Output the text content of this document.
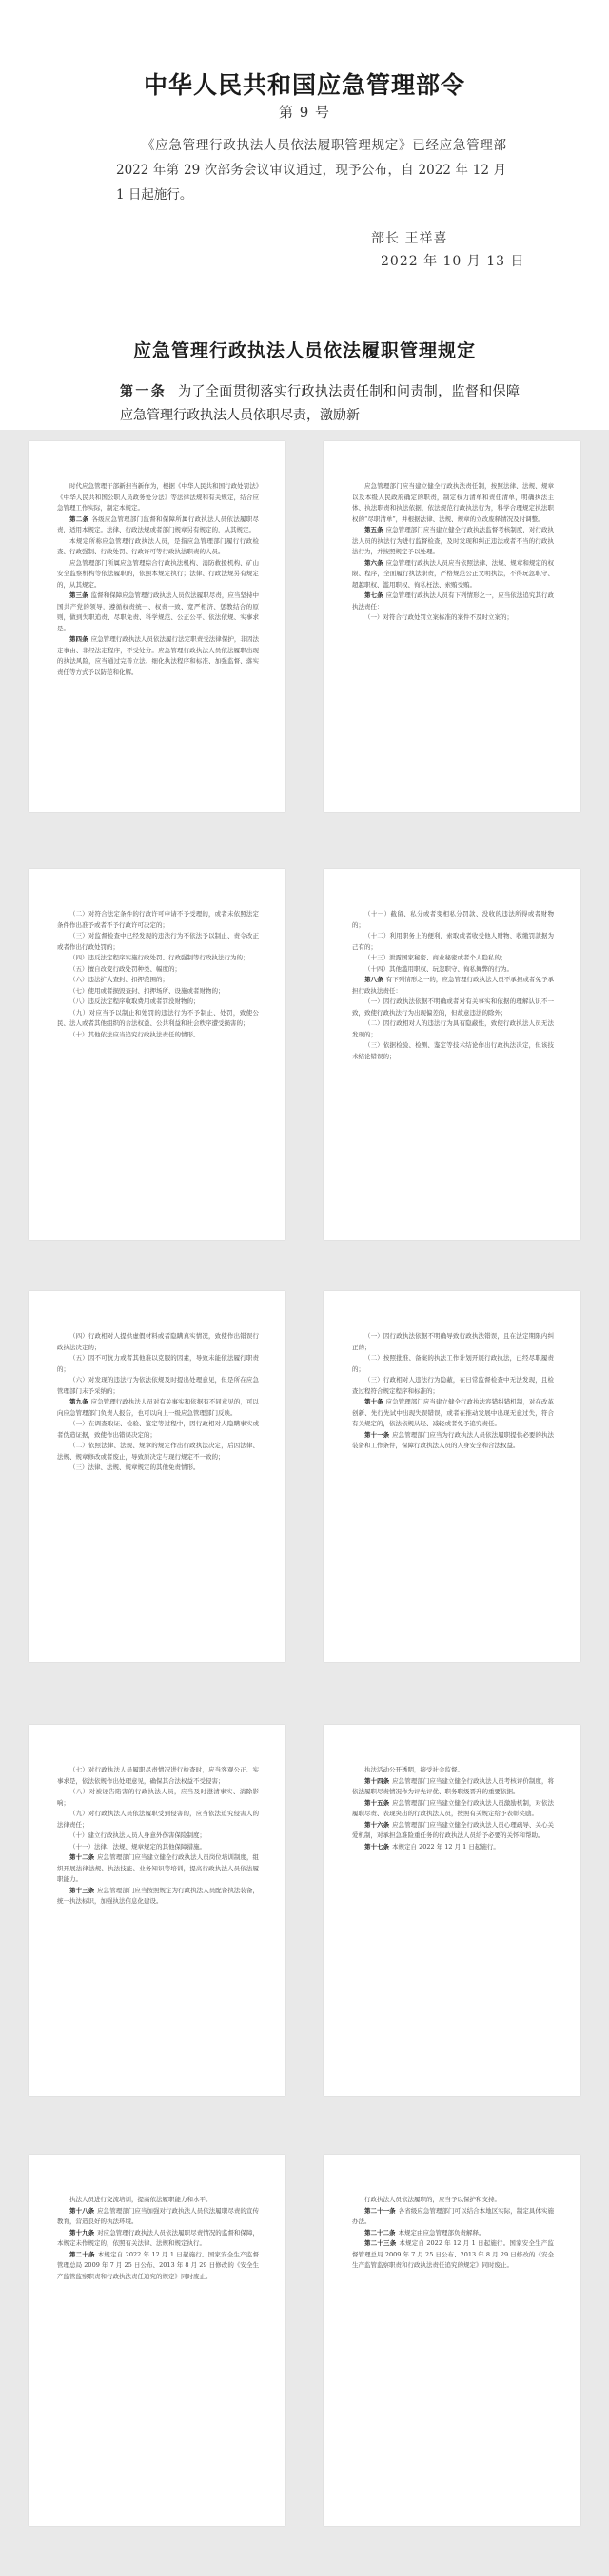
中华人民共和国应急管理部令
第 9 号
《应急管理行政执法人员依法履职管理规定》已经应急管理部 2022 年第 29 次部务会议审议通过，现予公布，自 2022 年 12 月 1 日起施行。
部长 王祥喜
2022 年 10 月 13 日
应急管理行政执法人员依法履职管理规定
第一条 为了全面贯彻落实行政执法责任制和问责制，监督和保障应急管理行政执法人员依职尽责，激励新

时代应急管理干部新担当新作为，根据《中华人民共和国行政处罚法》《中华人民共和国公职人员政务处分法》等法律法规和有关规定，结合应急管理工作实际，制定本规定。

第二条 各级应急管理部门监督和保障所属行政执法人员依法履职尽责，适用本规定。法律、行政法规或者部门规章另有规定的，从其规定。

本规定所称应急管理行政执法人员，是指应急管理部门履行行政检查、行政强制、行政处罚、行政许可等行政执法职责的人员。

应急管理部门所属应急管理综合行政执法机构、消防救援机构、矿山安全监察机构等依法履职的，依照本规定执行；法律、行政法规另有规定的，从其规定。

第三条 监督和保障应急管理行政执法人员依法履职尽责，应当坚持中国共产党的领导，遵循权责统一、权责一致、宽严相济、惩教结合的原则，做到失职追责、尽职免责、科学规范、公正公平、依法依规、实事求是。

第四条 应急管理行政执法人员依法履行法定职责受法律保护，非因法定事由、非经法定程序，不受处分。应急管理行政执法人员依法履职出现的执法风险，应当通过完善立法、细化执法程序和标准、加强监督、落实责任等方式予以防范和化解。

应急管理部门应当建立健全行政执法责任制，按照法律、法规、规章以及本级人民政府确定的职责，制定权力清单和责任清单，明确执法主体、执法职责和执法依据，依法规范行政执法行为，科学合理规定执法职权的“尽职清单”，并根据法律、法规、规章的立改废释情况及时调整。

第五条 应急管理部门应当建立健全行政执法监督考核制度，对行政执法人员的执法行为进行监督检查，及时发现和纠正违法或者不当的行政执法行为，并按照规定予以处理。

第六条 应急管理行政执法人员应当依照法律、法规、规章和规定的权限、程序，全面履行执法职责，严格规范公正文明执法，不得玩忽职守、超越职权、滥用职权、徇私枉法、索贿受贿。

第七条 应急管理行政执法人员有下列情形之一，应当依法追究其行政执法责任：

（一）对符合行政处罚立案标准的案件不及时立案的；

（二）对符合法定条件的行政许可申请不予受理的，或者未依照法定条件作出准予或者不予行政许可决定的；

（三）对监督检查中已经发现的违法行为不依法予以制止、责令改正或者作出行政处罚的；

（四）违反法定程序实施行政处罚、行政强制等行政执法行为的；

（五）擅自改变行政处罚种类、幅度的；

（六）违法扩大查封、扣押范围的；

（七）使用或者损毁查封、扣押场所、设施或者财物的；

（八）违反法定程序收取费用或者罚没财物的；

（九）对应当予以制止和处罚的违法行为不予制止、处罚，致使公民、法人或者其他组织的合法权益、公共利益和社会秩序遭受损害的；

（十）其他依法应当追究行政执法责任的情形。

（十一）截留、私分或者变相私分罚款、没收的违法所得或者财物的；

（十二）利用职务上的便利，索取或者收受他人财物、收缴罚款据为己有的；

（十三）泄露国家秘密、商业秘密或者个人隐私的；

（十四）其他滥用职权、玩忽职守、徇私舞弊的行为。

第八条 有下列情形之一的，应急管理行政执法人员不承担或者免予承担行政执法责任：

（一）因行政执法依据不明确或者对有关事实和依据的理解认识不一致，致使行政执法行为出现偏差的，但故意违法的除外；

（二）因行政相对人的违法行为具有隐蔽性，致使行政执法人员无法发现的；

（三）依据检验、检测、鉴定等技术结论作出行政执法决定，但该技术结论错误的；

（四）行政相对人提供虚假材料或者隐瞒真实情况，致使作出错误行政执法决定的；

（五）因不可抗力或者其他难以克服的因素，导致未能依法履行职责的；

（六）对发现的违法行为依法依规及时提出处理意见，但是所在应急管理部门未予采纳的；

第九条 应急管理行政执法人员对有关事实和依据有不同意见的，可以向应急管理部门负责人报告，也可以向上一级应急管理部门反映。

（一）在调查取证、检验、鉴定等过程中，因行政相对人隐瞒事实或者伪造证据，致使作出错误决定的；

（二）依照法律、法规、规章的规定作出行政执法决定，后因法律、法规、规章修改或者废止，导致原决定与现行规定不一致的；

（三）法律、法规、规章规定的其他免责情形。

（一）因行政执法依据不明确导致行政执法错误，且在法定期限内纠正的；

（二）按照批准、备案的执法工作计划开展行政执法，已经尽职履责的；

（三）行政相对人违法行为隐蔽，在日常监督检查中无法发现，且检查过程符合规定程序和标准的；

第十条 应急管理部门应当建立健全行政执法容错纠错机制，对在改革创新、先行先试中出现失误错误，或者在推动发展中出现无意过失，符合有关规定的，依法依规从轻、减轻或者免予追究责任。

第十一条 应急管理部门应当为行政执法人员依法履职提供必要的执法装备和工作条件，保障行政执法人员的人身安全和合法权益。

（七）对行政执法人员履职尽责情况进行检查时，应当客观公正、实事求是，依法依规作出处理意见，确保其合法权益不受侵害；

（八）对被诬告陷害的行政执法人员，应当及时澄清事实、消除影响；

（九）对行政执法人员依法履职受到侵害的，应当依法追究侵害人的法律责任；

（十）建立行政执法人员人身意外伤害保险制度；

（十一）法律、法规、规章规定的其他保障措施。

第十二条 应急管理部门应当建立健全行政执法人员岗位培训制度，组织开展法律法规、执法技能、业务知识等培训，提高行政执法人员依法履职能力。

第十三条 应急管理部门应当按照规定为行政执法人员配备执法装备，统一执法标识，加强执法信息化建设。

执法活动公开透明，接受社会监督。

第十四条 应急管理部门应当建立健全行政执法人员考核评价制度，将依法履职尽责情况作为评先评优、职务职级晋升的重要依据。

第十五条 应急管理部门应当建立健全行政执法人员激励机制，对依法履职尽责、表现突出的行政执法人员，按照有关规定给予表彰奖励。

第十六条 应急管理部门应当建立健全行政执法人员心理疏导、关心关爱机制，对承担急难险重任务的行政执法人员给予必要的关怀和帮助。

第十七条 本规定自 2022 年 12 月 1 日起施行。

执法人员进行交流培训，提高依法履职能力和水平。

第十八条 应急管理部门应当加强对行政执法人员依法履职尽责的宣传教育，营造良好的执法环境。

第十九条 对应急管理行政执法人员依法履职尽责情况的监督和保障，本规定未作规定的，依照有关法律、法规和规定执行。

第二十条 本规定自 2022 年 12 月 1 日起施行。国家安全生产监督管理总局 2009 年 7 月 25 日公布、2013 年 8 月 29 日修改的《安全生产监管监察职责和行政执法责任追究的规定》同时废止。

行政执法人员依法履职的，应当予以保护和支持。

第二十一条 各省级应急管理部门可以结合本地区实际，制定具体实施办法。

第二十二条 本规定由应急管理部负责解释。

第二十三条 本规定自 2022 年 12 月 1 日起施行。国家安全生产监督管理总局 2009 年 7 月 25 日公布、2013 年 8 月 29 日修改的《安全生产监管监察职责和行政执法责任追究的规定》同时废止。
